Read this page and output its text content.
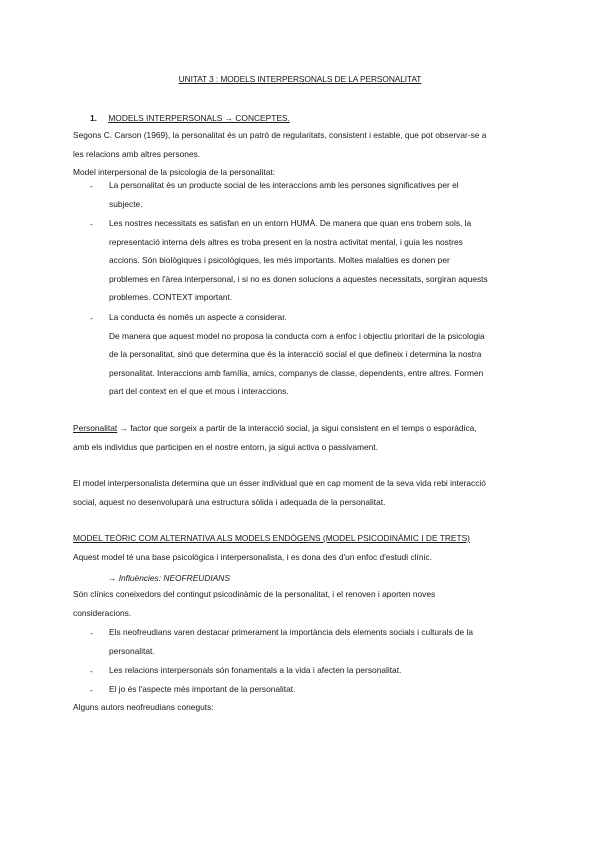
UNITAT 3 : MODELS INTERPERSONALS DE LA PERSONALITAT
1. MODELS INTERPERSONALS → CONCEPTES.

Segons C. Carson (1969), la personalitat és un patró de regularitats, consistent i estable, que pot observar-se a

les relacions amb altres persones.

Model interpersonal de la psicologia de la personalitat:

- La personalitat és un producte social de les interaccions amb les persones significatives per el

subjecte.

- Les nostres necessitats es satisfan en un entorn HUMÀ. De manera que quan ens trobem sols, la

representació interna dels altres es troba present en la nostra activitat mental, i guia les nostres

accions. Són biològiques i psicològiques, les més importants. Moltes malalties es donen per

problemes en l'àrea interpersonal, i si no es donen solucions a aquestes necessitats, sorgiran aquests

problemes. CONTEXT important.

- La conducta és només un aspecte a considerar.

De manera que aquest model no proposa la conducta com a enfoc i objectiu prioritari de la psicologia

de la personalitat, sinó que determina que és la interacció social el que defineix i determina la nostra

personalitat. Interaccions amb família, amics, companys de classe, dependents, entre altres. Formen

part del context en el que et mous i interaccions.

Personalitat → factor que sorgeix a partir de la interacció social, ja sigui consistent en el temps o esporàdica,

amb els individus que participen en el nostre entorn, ja sigui activa o passivament.

El model interpersonalista determina que un ésser individual que en cap moment de la seva vida rebi interacció

social, aquest no desenvoluparà una estructura sòlida i adequada de la personalitat.

MODEL TEÒRIC COM ALTERNATIVA ALS MODELS ENDÒGENS (MODEL PSICODINÀMIC I DE TRETS)

Aquest model té una base psicològica i interpersonalista, i es dona des d'un enfoc d'estudi clínic.

→ Influències: NEOFREUDIANS

Són clínics coneixedors del contingut psicodinàmic de la personalitat, i el renoven i aporten noves

consideracions.

- Els neofreudians varen destacar primerament la importància dels elements socials i culturals de la

personalitat.

- Les relacions interpersonals són fonamentals a la vida i afecten la personalitat.

- El jo és l'aspecte més important de la personalitat.

Alguns autors neofreudians coneguts:
